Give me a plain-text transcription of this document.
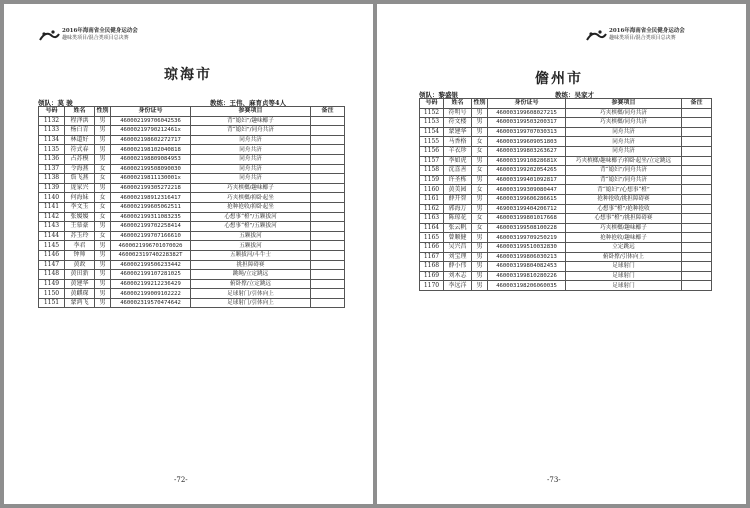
2016年海南省全民健身运动会
趣味类项目/混合类项目总决赛
琼海市
领队：莫 骏	教练：王伟、麻育贞等4人
号码	姓名	性别	身份证号	参赛项目	备注
1132	程泽洪	男	460002199706042536	背“媳妇”/趣味椰子	
1133	杨白青	男	46000219790212461x	背“媳妇”/同舟共济	
1134	林道好	男	460002198602272717	同舟共济	
1135	符式春	男	460002198102040818	同舟共济	
1136	占苏模	男	460002198809084953	同舟共济	
1137	令海燕	女	460002199508090030	同舟共济	
1138	詹飞燕	女	46000219811130001x	同舟共济	
1139	庞家兴	男	460002199305272218	巧夹槟榔/趣味椰子	
1140	何海妹	女	460002198912316417	巧夹槟榔/抑卧起坐	
1141	李文玉	女	460002199605062511	抢种抢收/抑卧起坐	
1142	张媛媛	女	460002199311083235	心想事“橙”/五颗拔河	
1143	王慕豪	男	460002199702258414	心想事“橙”/五颗拔河	
1144	苏玉玲	女	460002199707166610	五颗拔河	
1145	李君	男	460002199670107002б	五颗拔河	
1146	钟帅	男	460002319740228382Т	五颗拔河/斗牛士	
1147	黄政	男	460002199506233442	挑担障碍赛	
1148	黄田新	男	460002199107281025	跳绳/立定跳远	
1149	黄建华	男	460002199212236429	俯卧撑/立定跳远	
1150	黄麒琛	男	460002199009102222	足球射门/引体向上	
1151	蒙鸿飞	男	460002319570474642	足球射门/引体向上	
-72-
2016年海南省全民健身运动会
趣味类项目/混合类项目总决赛
儋州市
领队：黎盛银	教练：吴家才
号码	姓名	性别	身份证号	参赛项目	备注
1152	符明号	男	460003199608027215	巧夹槟榔/同舟共济	
1153	符文楼	男	460003199503200317	巧夹槟榔/同舟共济	
1154	蒙建华	男	460003199707030313	同舟共济	
1155	马香格	女	460003199609051803	同舟共济	
1156	羊衣珍	女	460003199803263627	同舟共济	
1157	李如虎	男	46000319910828681X	巧夹槟榔/趣味椰子/抑卧起坐/立定跳远	
1158	沈喜善	女	460003199202054265	背“媳妇”/同舟共济	
1159	许圣栋	男	460003199401092817	背“媳妇”/同舟共济	
1160	黄美园	女	460003199309080447	背“媳妇”/心想事“橙”	
1161	薛开智	男	460003199606286615	抢种抢收/挑担障碍赛	
1162	郭海万	男	469003199404206712	心想事“橙”/抢种抢收	
1163	陈琼花	女	460003199801017668	心想事“橙”/挑担障碍赛	
1164	张云帆	女	460003199508100228	巧夹槟榔/趣味椰子	
1165	曾顺健	男	460003199709250219	抢种抢收/趣味椰子	
1166	吴兴昌	男	460003199510032830	立定跳远	
1167	刘宝理	男	460003199806030213	俯卧撑/引体向上	
1168	薛小伟	男	460003199804082453	足球射门	
1169	刘木志	男	460003199810280226	足球射门	
1170	李远洋	男	460003198206060035	足球射门	
-73-
